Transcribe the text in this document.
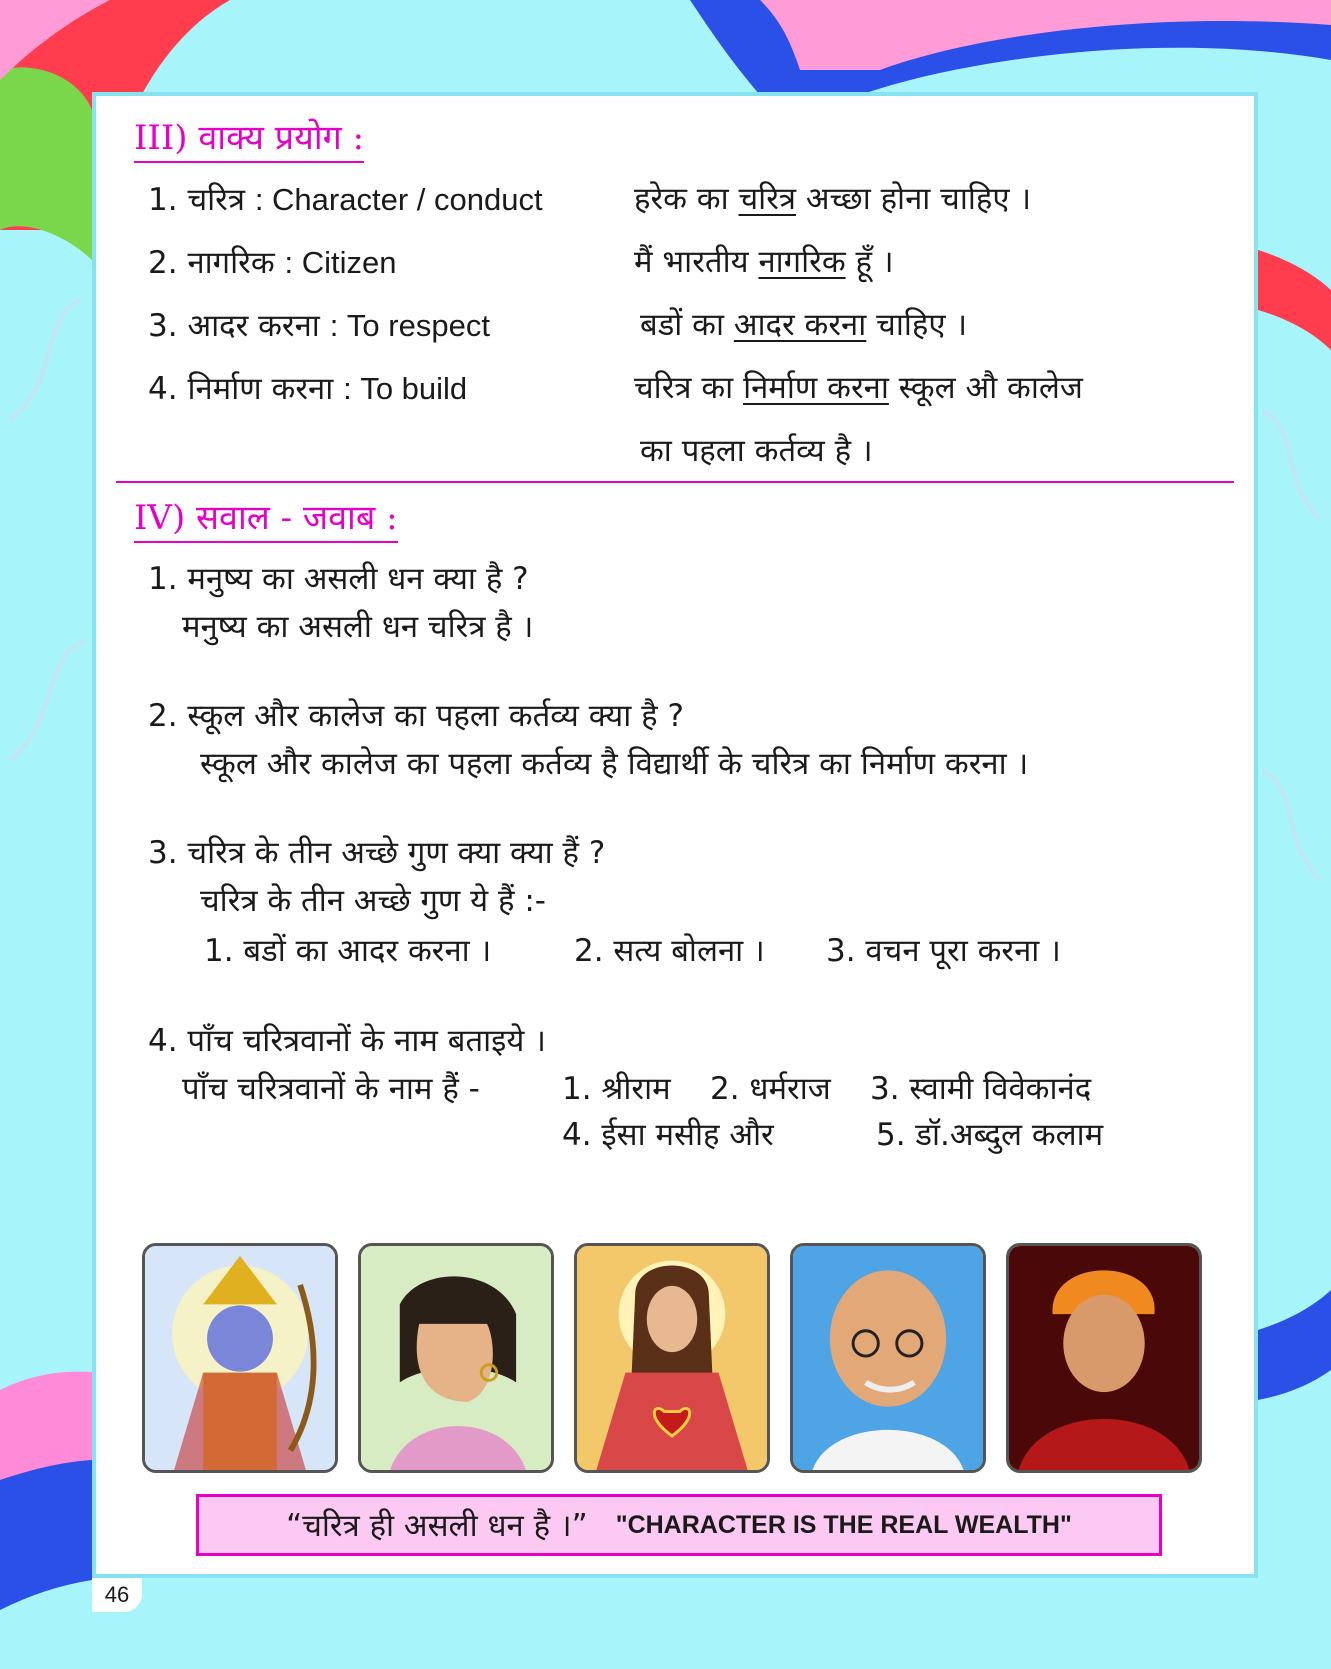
III) वाक्य प्रयोग :
1. चरित्र : Character / conduct	हरेक का चरित्र अच्छा होना चाहिए ।
2. नागरिक : Citizen	मैं भारतीय नागरिक हूँ ।
3. आदर करना : To respect	बडों का आदर करना चाहिए ।
4. निर्माण करना : To build	चरित्र का निर्माण करना स्कूल औ कालेज
का पहला कर्तव्य है ।
IV) सवाल - जवाब :
1. मनुष्य का असली धन क्या है ?
मनुष्य का असली धन चरित्र है ।
2. स्कूल और कालेज का पहला कर्तव्य क्या है ?
स्कूल और कालेज का पहला कर्तव्य है विद्यार्थी के चरित्र का निर्माण करना ।
3. चरित्र के तीन अच्छे गुण क्या क्या हैं ?
चरित्र के तीन अच्छे गुण ये हैं :-
1. बडों का आदर करना ।	2. सत्य बोलना । 3. वचन पूरा करना ।
4. पाँच चरित्रवानों के नाम बताइये ।
पाँच चरित्रवानों के नाम हैं -	1. श्रीराम 2. धर्मराज 3. स्वामी विवेकानंद
4. ईसा मसीह और	5. डॉ.अब्दुल कलाम
“चरित्र ही असली धन है ।” "CHARACTER IS THE REAL WEALTH"
46
